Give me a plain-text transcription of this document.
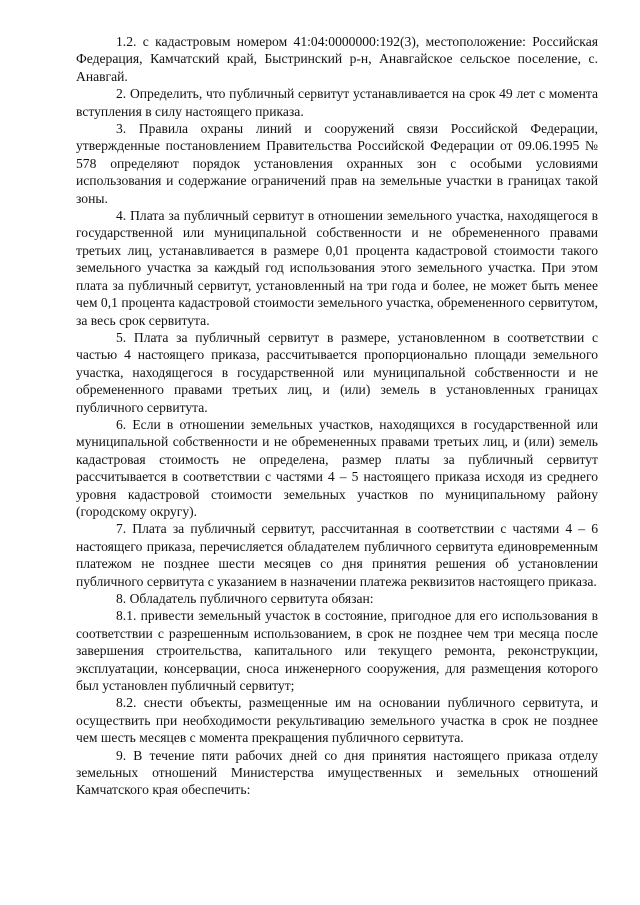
1.2. с кадастровым номером 41:04:0000000:192(3), местоположение: Российская Федерация, Камчатский край, Быстринский р-н, Анавгайское сельское поселение, с. Анавгай.

2. Определить, что публичный сервитут устанавливается на срок 49 лет с момента вступления в силу настоящего приказа.

3. Правила охраны линий и сооружений связи Российской Федерации, утвержденные постановлением Правительства Российской Федерации от 09.06.1995 № 578 определяют порядок установления охранных зон с особыми условиями использования и содержание ограничений прав на земельные участки в границах такой зоны.

4. Плата за публичный сервитут в отношении земельного участка, находящегося в государственной или муниципальной собственности и не обремененного правами третьих лиц, устанавливается в размере 0,01 процента кадастровой стоимости такого земельного участка за каждый год использования этого земельного участка. При этом плата за публичный сервитут, установленный на три года и более, не может быть менее чем 0,1 процента кадастровой стоимости земельного участка, обремененного сервитутом, за весь срок сервитута.

5. Плата за публичный сервитут в размере, установленном в соответствии с частью 4 настоящего приказа, рассчитывается пропорционально площади земельного участка, находящегося в государственной или муниципальной собственности и не обремененного правами третьих лиц, и (или) земель в установленных границах публичного сервитута.

6. Если в отношении земельных участков, находящихся в государственной или муниципальной собственности и не обремененных правами третьих лиц, и (или) земель кадастровая стоимость не определена, размер платы за публичный сервитут рассчитывается в соответствии с частями 4 – 5 настоящего приказа исходя из среднего уровня кадастровой стоимости земельных участков по муниципальному району (городскому округу).

7. Плата за публичный сервитут, рассчитанная в соответствии с частями 4 – 6 настоящего приказа, перечисляется обладателем публичного сервитута единовременным платежом не позднее шести месяцев со дня принятия решения об установлении публичного сервитута с указанием в назначении платежа реквизитов настоящего приказа.

8. Обладатель публичного сервитута обязан:

8.1. привести земельный участок в состояние, пригодное для его использования в соответствии с разрешенным использованием, в срок не позднее чем три месяца после завершения строительства, капитального или текущего ремонта, реконструкции, эксплуатации, консервации, сноса инженерного сооружения, для размещения которого был установлен публичный сервитут;

8.2. снести объекты, размещенные им на основании публичного сервитута, и осуществить при необходимости рекультивацию земельного участка в срок не позднее чем шесть месяцев с момента прекращения публичного сервитута.

9. В течение пяти рабочих дней со дня принятия настоящего приказа отделу земельных отношений Министерства имущественных и земельных отношений Камчатского края обеспечить:
